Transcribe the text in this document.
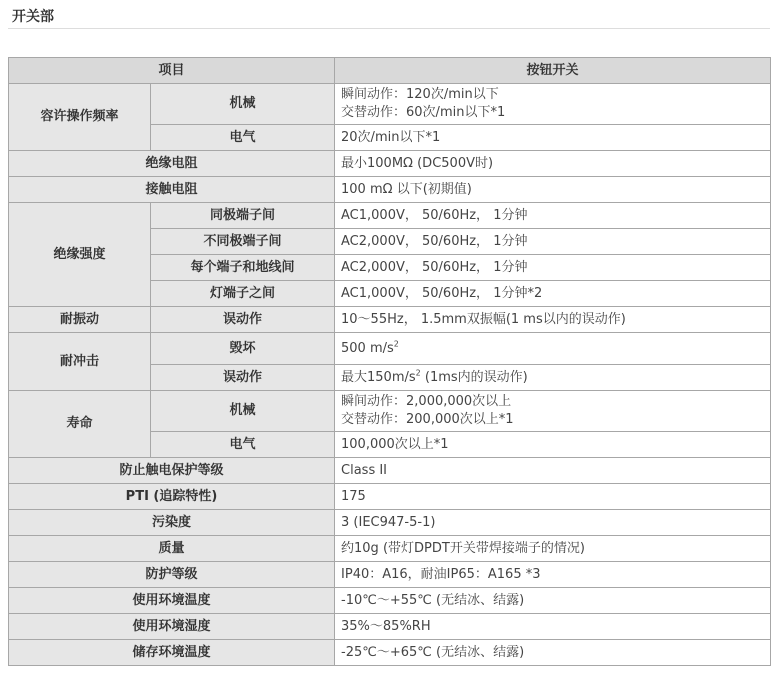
开关部
项目		按钮开关
容许操作频率	机械	瞬间动作：120次/min以下
交替动作：60次/min以下*1

	电气	20次/min以下*1
绝缘电阻		最小100MΩ (DC500V时)
接触电阻		100 mΩ 以下(初期值)
绝缘强度	同极端子间	AC1,000V， 50/60Hz， 1分钟
	不同极端子间	AC2,000V， 50/60Hz， 1分钟
	每个端子和地线间	AC2,000V， 50/60Hz， 1分钟
	灯端子之间	AC1,000V， 50/60Hz， 1分钟*2
耐振动	误动作	10～55Hz， 1.5mm双振幅(1 ms以内的误动作)
耐冲击	毁坏	500 $m/s^2$
	误动作	最大$150m/s^2$ (1ms内的误动作)
寿命	机械	瞬间动作：2,000,000次以上
交替动作：200,000次以上*1

	电气	100,000次以上*1
防止触电保护等级		Class II
PTI (追踪特性)		175
污染度		3 (IEC947-5-1)
质量		约10g (带灯DPDT开关带焊接端子的情况)
防护等级		IP40：A16，耐油IP65：A165 *3
使用环境温度		-10℃～+55℃ (无结冰、结露)
使用环境湿度		35%～85%RH
储存环境温度		-25℃～+65℃ (无结冰、结露)
